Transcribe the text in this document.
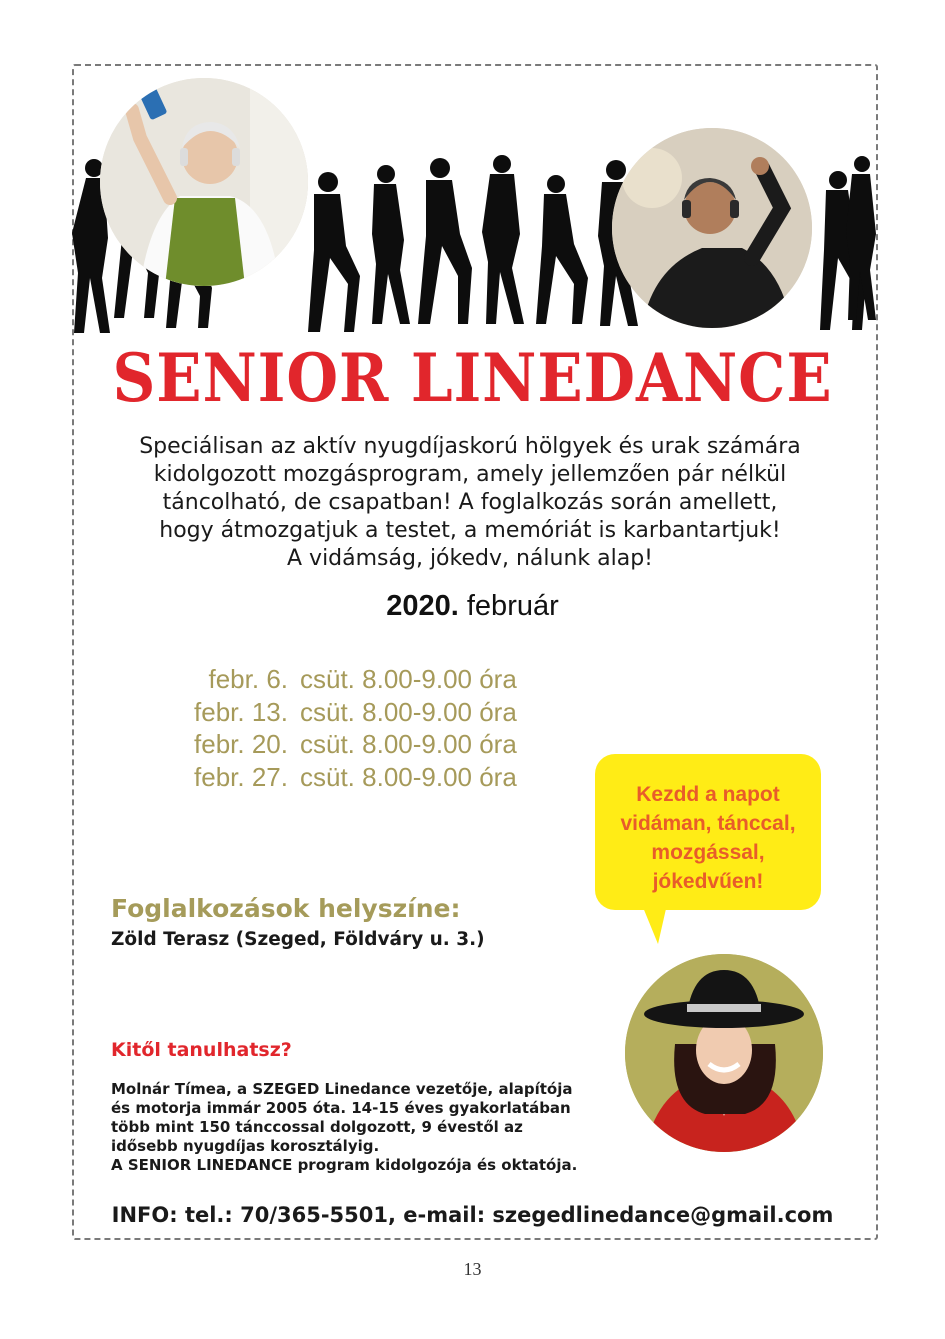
SENIOR LINEDANCE
Speciálisan az aktív nyugdíjaskorú hölgyek és urak számára
kidolgozott mozgásprogram, amely jellemzően pár nélkül
táncolható, de csapatban! A foglalkozás során amellett,
hogy átmozgatjuk a testet, a memóriát is karbantartjuk!
A vidámság, jókedv, nálunk alap!
2020. február
febr. 6. csüt. 8.00-9.00 óra
febr. 13. csüt. 8.00-9.00 óra
febr. 20. csüt. 8.00-9.00 óra
febr. 27. csüt. 8.00-9.00 óra
Kezdd a napot
vidáman, tánccal,
mozgással,
jókedvűen!
Foglalkozások helyszíne:
Zöld Terasz (Szeged, Földváry u. 3.)
Kitől tanulhatsz?
Molnár Tímea, a SZEGED Linedance vezetője, alapítója
és motorja immár 2005 óta. 14-15 éves gyakorlatában
több mint 150 tánccossal dolgozott, 9 évestől az
idősebb nyugdíjas korosztályig.
A SENIOR LINEDANCE program kidolgozója és oktatója.
INFO: tel.: 70/365-5501, e-mail: szegedlinedance@gmail.com
13
